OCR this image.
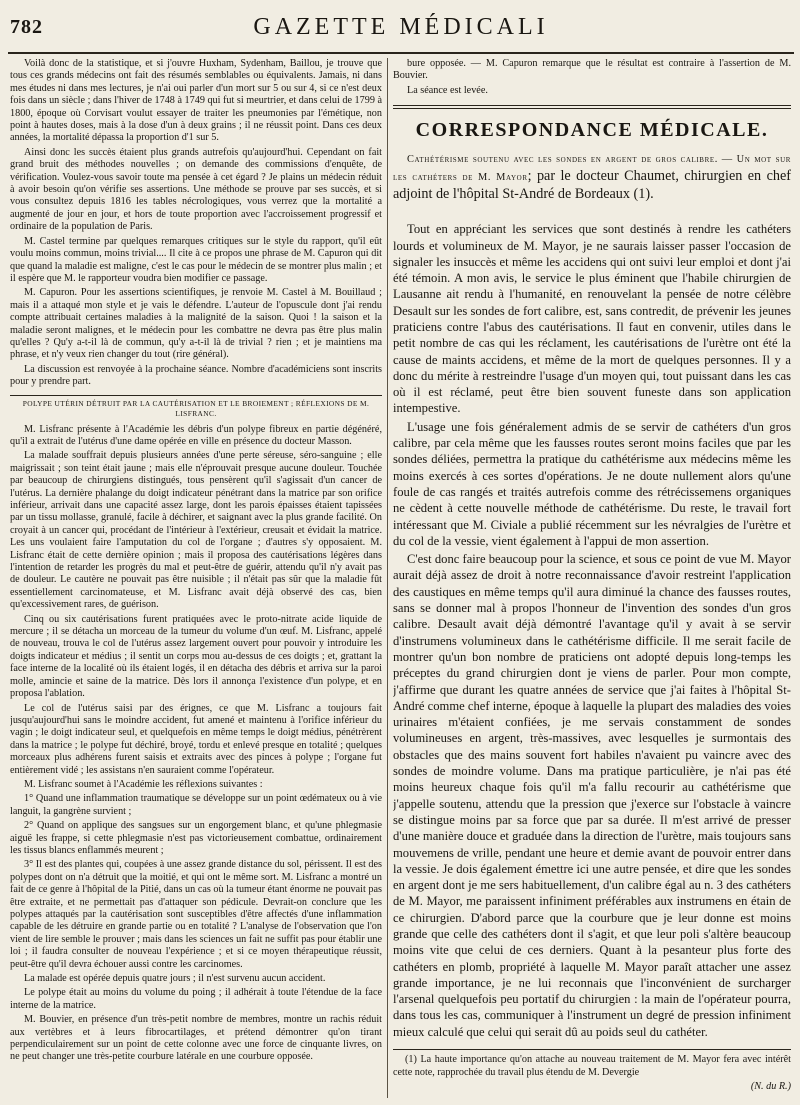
782	GAZETTE MÉDICALI

Voilà donc de la statistique, et si j'ouvre Huxham, Sydenham, Baillou, je trouve que tous ces grands médecins ont fait des résumés semblables ou équivalents. Jamais, ni dans mes études ni dans mes lectures, je n'ai oui parler d'un mort sur 5 ou sur 4, si ce n'est deux fois dans un siècle ; dans l'hiver de 1748 à 1749 qui fut si meurtrier, et dans celui de 1799 à 1800, époque où Corvisart voulut essayer de traiter les pneumonies par l'émétique, non point à hautes doses, mais à la dose d'un à deux grains ; il ne réussit point. Dans ces deux années, la mortalité dépassa la proportion d'1 sur 5.

Ainsi donc les succès étaient plus grands autrefois qu'aujourd'hui. Cependant on fait grand bruit des méthodes nouvelles ; on demande des commissions d'enquête, de vérification. Voulez-vous savoir toute ma pensée à cet égard ? Je plains un médecin réduit à avoir besoin qu'on vérifie ses assertions. Une méthode se prouve par ses succès, et si vous consultez depuis 1816 les tables nécrologiques, vous verrez que la mortalité a augmenté de jour en jour, et hors de toute proportion avec l'accroissement progressif et ordinaire de la population de Paris.

M. Castel termine par quelques remarques critiques sur le style du rapport, qu'il eût voulu moins commun, moins trivial.... Il cite à ce propos une phrase de M. Capuron qui dit que quand la maladie est maligne, c'est le cas pour le médecin de se montrer plus malin ; et il espère que M. le rapporteur voudra bien modifier ce passage.

M. Capuron. Pour les assertions scientifiques, je renvoie M. Castel à M. Bouillaud ; mais il a attaqué mon style et je vais le défendre. L'auteur de l'opuscule dont j'ai rendu compte attribuait certaines maladies à la malignité de la saison. Quoi ! la saison et la maladie seront malignes, et le médecin pour les combattre ne devra pas être plus malin qu'elles ? Qu'y a-t-il là de commun, qu'y a-t-il là de trivial ? rien ; et je maintiens ma phrase, et n'y veux rien changer du tout (rire général).

La discussion est renvoyée à la prochaine séance. Nombre d'académiciens sont inscrits pour y prendre part.

POLYPE UTÉRIN DÉTRUIT PAR LA CAUTÉRISATION ET LE BROIEMENT ; RÉFLEXIONS DE M. LISFRANC.

M. Lisfranc présente à l'Académie les débris d'un polype fibreux en partie dégénéré, qu'il a extrait de l'utérus d'une dame opérée en ville en présence du docteur Masson.

La malade souffrait depuis plusieurs années d'une perte séreuse, séro-sanguine ; elle maigrissait ; son teint était jaune ; mais elle n'éprouvait presque aucune douleur. Touchée par beaucoup de chirurgiens distingués, tous pensèrent qu'il s'agissait d'un cancer de l'utérus. La dernière phalange du doigt indicateur pénétrant dans la matrice par son orifice inférieur, arrivait dans une capacité assez large, dont les parois épaisses étaient tapissées par un tissu mollasse, granulé, facile à déchirer, et saignant avec la plus grande facilité. On croyait à un cancer qui, procédant de l'intérieur à l'extérieur, creusait et évidait la matrice. Les uns voulaient faire l'amputation du col de l'organe ; d'autres s'y opposaient. M. Lisfranc était de cette dernière opinion ; mais il proposa des cautérisations légères dans l'intention de retarder les progrès du mal et peut-être de guérir, attendu qu'il n'y avait pas de douleur. Le cautère ne pouvait pas être nuisible ; il n'était pas sûr que la maladie fût essentiellement carcinomateuse, et M. Lisfranc avait déjà observé des cas, bien qu'excessivement rares, de guérison.

Cinq ou six cautérisations furent pratiquées avec le proto-nitrate acide liquide de mercure ; il se détacha un morceau de la tumeur du volume d'un œuf. M. Lisfranc, appelé de nouveau, trouva le col de l'utérus assez largement ouvert pour pouvoir y introduire les doigts indicateur et médius ; il sentit un corps mou au-dessus de ces doigts ; et, grattant la face interne de la localité où ils étaient logés, il en détacha des débris et arriva sur la paroi molle, amincie et saine de la matrice. Dès lors il annonça l'existence d'un polype, et en proposa l'ablation.

Le col de l'utérus saisi par des érignes, ce que M. Lisfranc a toujours fait jusqu'aujourd'hui sans le moindre accident, fut amené et maintenu à l'orifice inférieur du vagin ; le doigt indicateur seul, et quelquefois en même temps le doigt médius, pénétrèrent dans la matrice ; le polype fut déchiré, broyé, tordu et enlevé presque en totalité ; quelques morceaux plus adhérens furent saisis et extraits avec des pinces à polype ; l'organe fut entièrement vidé ; les assistans n'en sauraient comme l'opérateur.

M. Lisfranc soumet à l'Académie les réflexions suivantes :

1° Quand une inflammation traumatique se développe sur un point œdémateux ou à vie languit, la gangrène survient ;

2° Quand on applique des sangsues sur un engorgement blanc, et qu'une phlegmasie aiguë les frappe, si cette phlegmasie n'est pas victorieusement combattue, ordinairement les tissus blancs enflammés meurent ;

3° Il est des plantes qui, coupées à une assez grande distance du sol, périssent. Il est des polypes dont on n'a détruit que la moitié, et qui ont le même sort. M. Lisfranc a montré un fait de ce genre à l'hôpital de la Pitié, dans un cas où la tumeur étant énorme ne pouvait pas être extraite, et ne permettait pas d'attaquer son pédicule. Devrait-on conclure que les polypes attaqués par la cautérisation sont susceptibles d'être affectés d'une inflammation capable de les détruire en grande partie ou en totalité ? L'analyse de l'observation que l'on vient de lire semble le prouver ; mais dans les sciences un fait ne suffit pas pour établir une loi ; il faudra consulter de nouveau l'expérience ; et si ce moyen thérapeutique réussit, peut-être qu'il devra échouer aussi contre les carcinomes.

La malade est opérée depuis quatre jours ; il n'est survenu aucun accident.

Le polype était au moins du volume du poing ; il adhérait à toute l'étendue de la face interne de la matrice.

M. Bouvier, en présence d'un très-petit nombre de membres, montre un rachis réduit aux vertèbres et à leurs fibrocartilages, et prétend démontrer qu'on tirant perpendiculairement sur un point de cette colonne avec une force de cinquante livres, on ne peut changer une très-petite courbure latérale en une courbure opposée.

bure opposée. — M. Capuron remarque que le résultat est contraire à l'assertion de M. Bouvier.

La séance est levée.

CORRESPONDANCE MÉDICALE.
Cathétérisme soutenu avec les sondes en argent de gros calibre. — Un mot sur les cathéters de M. Mayor; par le docteur Chaumet, chirurgien en chef adjoint de l'hôpital St-André de Bordeaux (1).

Tout en appréciant les services que sont destinés à rendre les cathéters lourds et volumineux de M. Mayor, je ne saurais laisser passer l'occasion de signaler les insuccès et même les accidens qui ont suivi leur emploi et dont j'ai été témoin. A mon avis, le service le plus éminent que l'habile chirurgien de Lausanne ait rendu à l'humanité, en renouvelant la pensée de notre célèbre Desault sur les sondes de fort calibre, est, sans contredit, de prévenir les jeunes praticiens contre l'abus des cautérisations. Il faut en convenir, utiles dans le petit nombre de cas qui les réclament, les cautérisations de l'urètre ont été la cause de maints accidens, et même de la mort de quelques personnes. Il y a donc du mérite à restreindre l'usage d'un moyen qui, tout puissant dans les cas où il est réclamé, peut être bien souvent funeste dans son application intempestive.

L'usage une fois généralement admis de se servir de cathéters d'un gros calibre, par cela même que les fausses routes seront moins faciles que par les sondes déliées, permettra la pratique du cathétérisme aux médecins même les moins exercés à ces sortes d'opérations. Je ne doute nullement alors qu'une foule de cas rangés et traités autrefois comme des rétrécissemens organiques ne cèdent à cette nouvelle méthode de cathétérisme. Du reste, le travail fort intéressant que M. Civiale a publié récemment sur les névralgies de l'urètre et du col de la vessie, vient également à l'appui de mon assertion.

C'est donc faire beaucoup pour la science, et sous ce point de vue M. Mayor aurait déjà assez de droit à notre reconnaissance d'avoir restreint l'application des caustiques en même temps qu'il aura diminué la chance des fausses routes, sans se donner mal à propos l'honneur de l'invention des sondes d'un gros calibre. Desault avait déjà démontré l'avantage qu'il y avait à se servir d'instrumens volumineux dans le cathétérisme difficile. Il me serait facile de montrer qu'un bon nombre de praticiens ont adopté depuis long-temps les préceptes du grand chirurgien dont je viens de parler. Pour mon compte, j'affirme que durant les quatre années de service que j'ai faites à l'hôpital St-André comme chef interne, époque à laquelle la plupart des maladies des voies urinaires m'étaient confiées, je me servais constamment de sondes volumineuses en argent, très-massives, avec lesquelles je surmontais des obstacles que des mains souvent fort habiles n'avaient pu vaincre avec des sondes de moindre volume. Dans ma pratique particulière, je n'ai pas été moins heureux chaque fois qu'il m'a fallu recourir au cathétérisme que j'appelle soutenu, attendu que la pression que j'exerce sur l'obstacle à vaincre se distingue moins par sa force que par sa durée. Il m'est arrivé de presser d'une manière douce et graduée dans la direction de l'urètre, mais toujours sans mouvemens de vrille, pendant une heure et demie avant de pouvoir entrer dans la vessie. Je dois également émettre ici une autre pensée, et dire que les sondes en argent dont je me sers habituellement, d'un calibre égal au n. 3 des cathéters de M. Mayor, me paraissent infiniment préférables aux instrumens en étain de ce chirurgien. D'abord parce que la courbure que je leur donne est moins grande que celle des cathéters dont il s'agit, et que leur poli s'altère beaucoup moins vite que celui de ces derniers. Quant à la pesanteur plus forte des cathéters en plomb, propriété à laquelle M. Mayor paraît attacher une assez grande importance, je ne lui reconnais que l'inconvénient de surcharger l'arsenal quelquefois peu portatif du chirurgien : la main de l'opérateur pourra, dans tous les cas, communiquer à l'instrument un degré de pression infiniment mieux calculé que celui qui serait dû au poids seul du cathéter.

(1) La haute importance qu'on attache au nouveau traitement de M. Mayor fera avec intérêt cette note, rapprochée du travail plus étendu de M. Devergie

(N. du R.)
